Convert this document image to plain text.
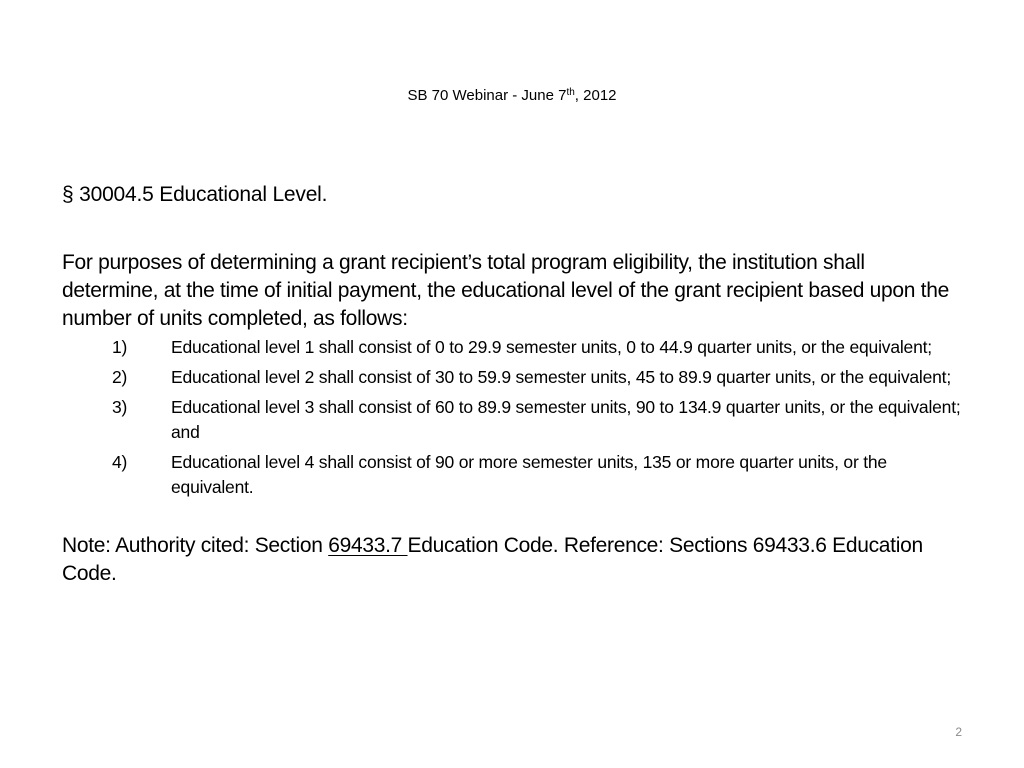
SB 70 Webinar - June 7th, 2012

§ 30004.5 Educational Level.

For purposes of determining a grant recipient’s total program eligibility, the institution shall determine, at the time of initial payment, the educational level of the grant recipient based upon the number of units completed, as follows:

1)	Educational level 1 shall consist of 0 to 29.9 semester units, 0 to 44.9 quarter units, or the equivalent;
2)	Educational level 2 shall consist of 30 to 59.9 semester units, 45 to 89.9 quarter units, or the equivalent;
3)	Educational level 3 shall consist of 60 to 89.9 semester units, 90 to 134.9 quarter units, or the equivalent; and
4)	Educational level 4 shall consist of 90 or more semester units, 135 or more quarter units, or the equivalent.

Note: Authority cited: Section 69433.7 Education Code. Reference: Sections 69433.6 Education Code.

2
